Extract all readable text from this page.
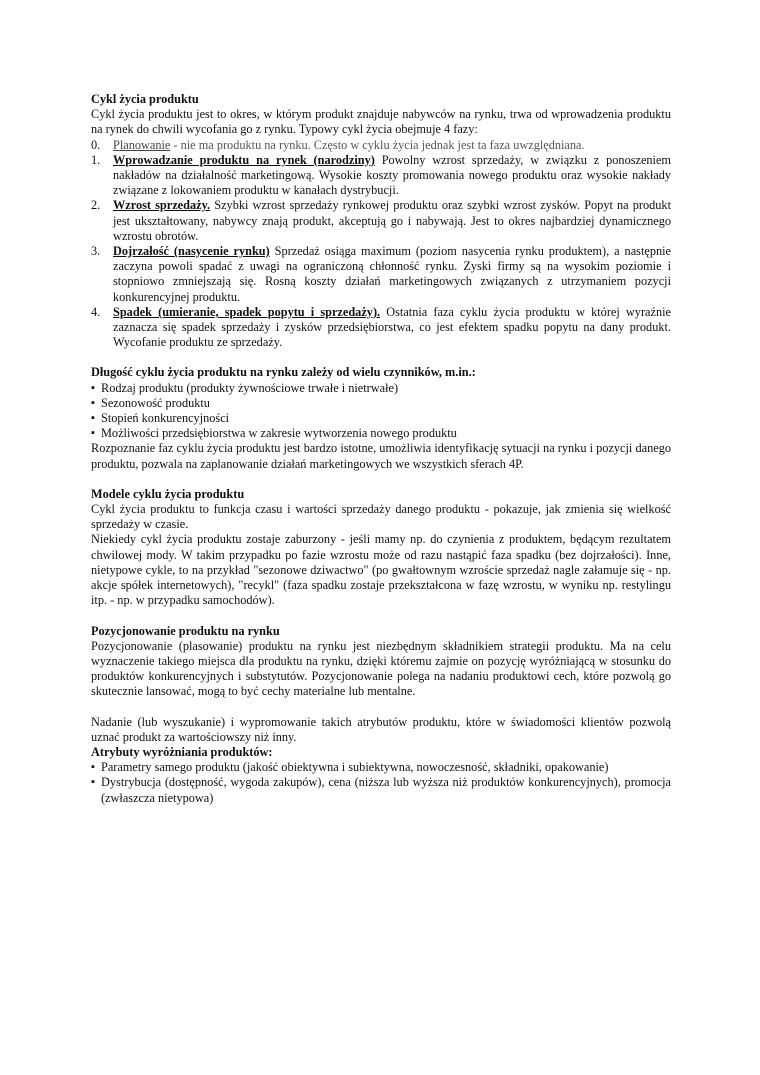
Cykl życia produktu

Cykl życia produktu jest to okres, w którym produkt znajduje nabywców na rynku, trwa od wprowadzenia produktu na rynek do chwili wycofania go z rynku. Typowy cykl życia obejmuje 4 fazy:

0. Planowanie - nie ma produktu na rynku. Często w cyklu życia jednak jest ta faza uwzględniana.
1. Wprowadzanie produktu na rynek (narodziny) Powolny wzrost sprzedaży, w związku z ponoszeniem nakładów na działalność marketingową. Wysokie koszty promowania nowego produktu oraz wysokie nakłady związane z lokowaniem produktu w kanałach dystrybucji.
2. Wzrost sprzedaży. Szybki wzrost sprzedaży rynkowej produktu oraz szybki wzrost zysków. Popyt na produkt jest ukształtowany, nabywcy znają produkt, akceptują go i nabywają. Jest to okres najbardziej dynamicznego wzrostu obrotów.
3. Dojrzałość (nasycenie rynku) Sprzedaż osiąga maximum (poziom nasycenia rynku produktem), a następnie zaczyna powoli spadać z uwagi na ograniczoną chłonność rynku. Zyski firmy są na wysokim poziomie i stopniowo zmniejszają się. Rosną koszty działań marketingowych związanych z utrzymaniem pozycji konkurencyjnej produktu.
4. Spadek (umieranie, spadek popytu i sprzedaży). Ostatnia faza cyklu życia produktu w której wyraźnie zaznacza się spadek sprzedaży i zysków przedsiębiorstwa, co jest efektem spadku popytu na dany produkt. Wycofanie produktu ze sprzedaży.
Długość cyklu życia produktu na rynku zależy od wielu czynników, m.in.:
▪ Rodzaj produktu (produkty żywnościowe trwałe i nietrwałe)
▪ Sezonowość produktu
▪ Stopień konkurencyjności
▪ Możliwości przedsiębiorstwa w zakresie wytworzenia nowego produktu

Rozpoznanie faz cyklu życia produktu jest bardzo istotne, umożliwia identyfikację sytuacji na rynku i pozycji danego produktu, pozwala na zaplanowanie działań marketingowych we wszystkich sferach 4P.

Modele cyklu życia produktu

Cykl życia produktu to funkcja czasu i wartości sprzedaży danego produktu - pokazuje, jak zmienia się wielkość sprzedaży w czasie.

Niekiedy cykl życia produktu zostaje zaburzony - jeśli mamy np. do czynienia z produktem, będącym rezultatem chwilowej mody. W takim przypadku po fazie wzrostu może od razu nastąpić faza spadku (bez dojrzałości). Inne, nietypowe cykle, to na przykład "sezonowe dziwactwo" (po gwałtownym wzroście sprzedaż nagle załamuje się - np. akcje spółek internetowych), "recykl" (faza spadku zostaje przekształcona w fazę wzrostu, w wyniku np. restylingu itp. - np. w przypadku samochodów).

Pozycjonowanie produktu na rynku

Pozycjonowanie (plasowanie) produktu na rynku jest niezbędnym składnikiem strategii produktu. Ma na celu wyznaczenie takiego miejsca dla produktu na rynku, dzięki któremu zajmie on pozycję wyróżniającą w stosunku do produktów konkurencyjnych i substytutów. Pozycjonowanie polega na nadaniu produktowi cech, które pozwolą go skutecznie lansować, mogą to być cechy materialne lub mentalne.

Nadanie (lub wyszukanie) i wypromowanie takich atrybutów produktu, które w świadomości klientów pozwolą uznać produkt za wartościowszy niż inny.

Atrybuty wyróżniania produktów:
▪ Parametry samego produktu (jakość obiektywna i subiektywna, nowoczesność, składniki, opakowanie)
▪ Dystrybucja (dostępność, wygoda zakupów), cena (niższa lub wyższa niż produktów konkurencyjnych), promocja (zwłaszcza nietypowa)
